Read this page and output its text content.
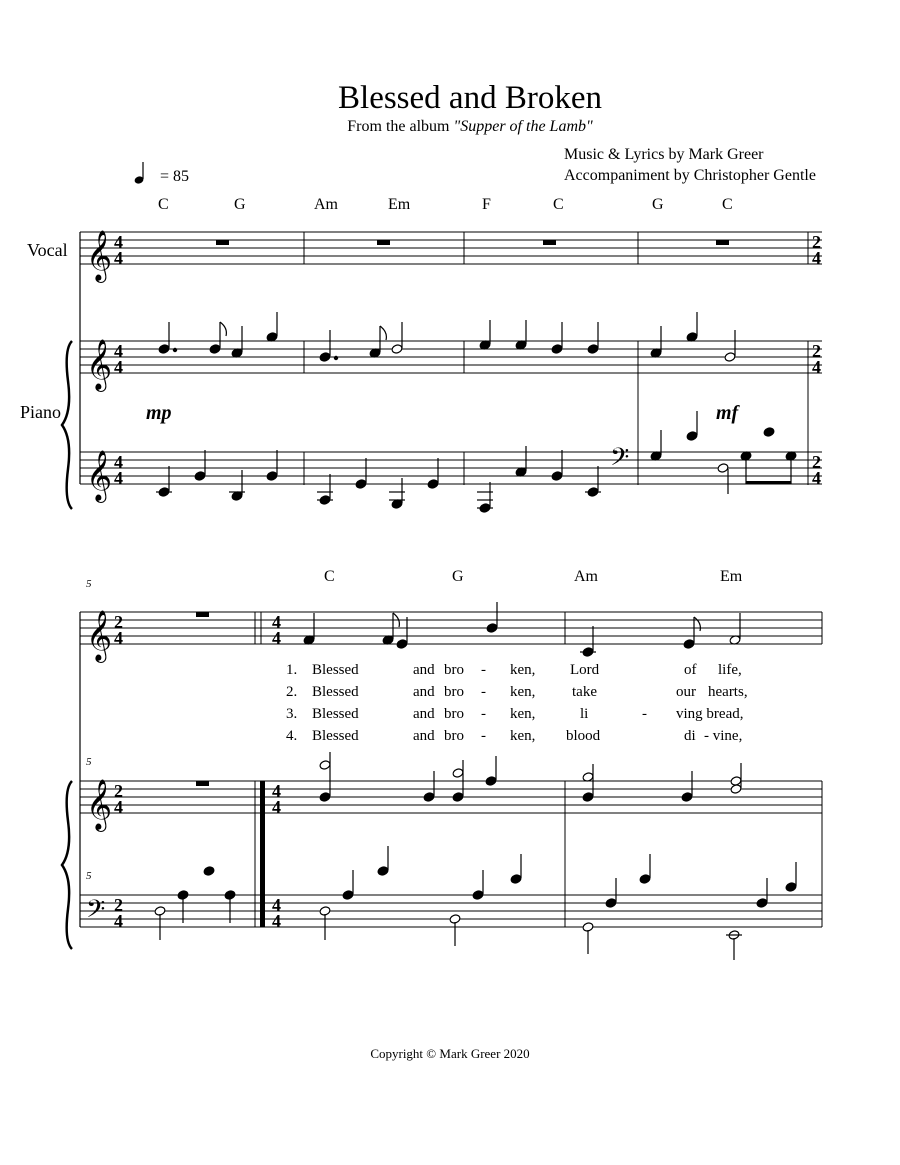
Blessed and Broken
From the album "Supper of the Lamb"
Music & Lyrics by Mark Greer
Accompaniment by Christopher Gentle
𝄞
𝄞
𝄞	𝄢
4
4
4
4
4
4
2
4
2
4
2
4
𝄞
𝄞
𝄢
2
4
2
4
2
4
4
4
4
4
4
4
= 85
Vocal
Piano
C	G	Am	Em	F	C	G	C
mp	mf
5
5
5
C	G	Am	Em
1. Blessed	and bro - ken, Lord	of life,
2. Blessed	and bro - ken, take	our hearts,
3. Blessed	and bro - ken,	li	- ving bread,
4. Blessed	and bro - ken, blood	di - vine,
Copyright © Mark Greer 2020
